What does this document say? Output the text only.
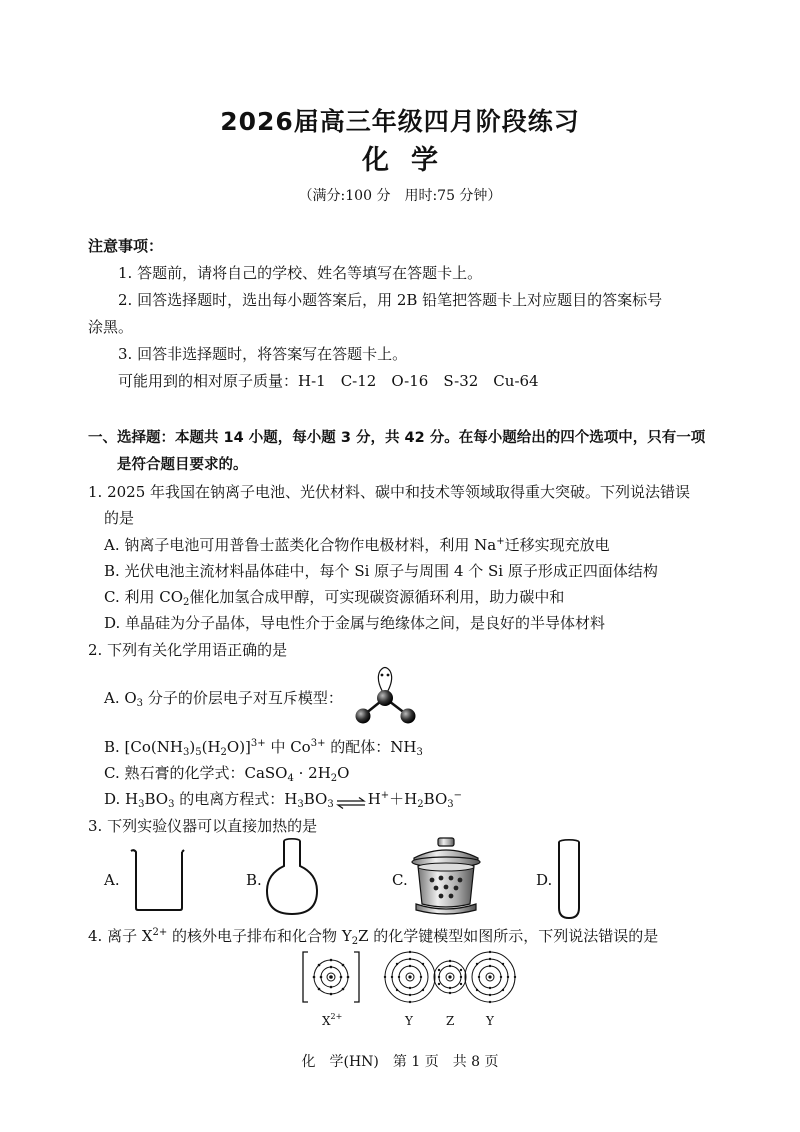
2026届高三年级四月阶段练习
化学
（满分:100 分　用时:75 分钟）
注意事项：
1. 答题前，请将自己的学校、姓名等填写在答题卡上。
2. 回答选择题时，选出每小题答案后，用 2B 铅笔把答题卡上对应题目的答案标号
涂黑。
3. 回答非选择题时，将答案写在答题卡上。
可能用到的相对原子质量：H-1　C-12　O-16　S-32　Cu-64
一、选择题：本题共 14 小题，每小题 3 分，共 42 分。在每小题给出的四个选项中，只有一项
是符合题目要求的。
1. 2025 年我国在钠离子电池、光伏材料、碳中和技术等领域取得重大突破。下列说法错误
的是
A. 钠离子电池可用普鲁士蓝类化合物作电极材料，利用 Na+迁移实现充放电
B. 光伏电池主流材料晶体硅中，每个 Si 原子与周围 4 个 Si 原子形成正四面体结构
C. 利用 $CO_2$催化加氢合成甲醇，可实现碳资源循环利用，助力碳中和
D. 单晶硅为分子晶体，导电性介于金属与绝缘体之间，是良好的半导体材料
2. 下列有关化学用语正确的是
A. $O_3$ 分子的价层电子对互斥模型：
B. $[Co(NH_3)_5(H_2O)]^{3+}$ 中 $Co^{3+}$ 的配体：$NH_3$
C. 熟石膏的化学式：CaSO$_4$ · $2H_2O$
D. $H_3BO_3$ 的电离方程式：$H_3BO_3$ ⇌ $H^++H_2BO_3^-$
3. 下列实验仪器可以直接加热的是
A.	B.	C.	D.
4. 离子 $X^{2+}$ 的核外电子排布和化合物 $Y_2Z$ 的化学键模型如图所示，下列说法错误的是
$X^{2+}$	Y	Z	Y
化　学(HN)　第 1 页　共 8 页
